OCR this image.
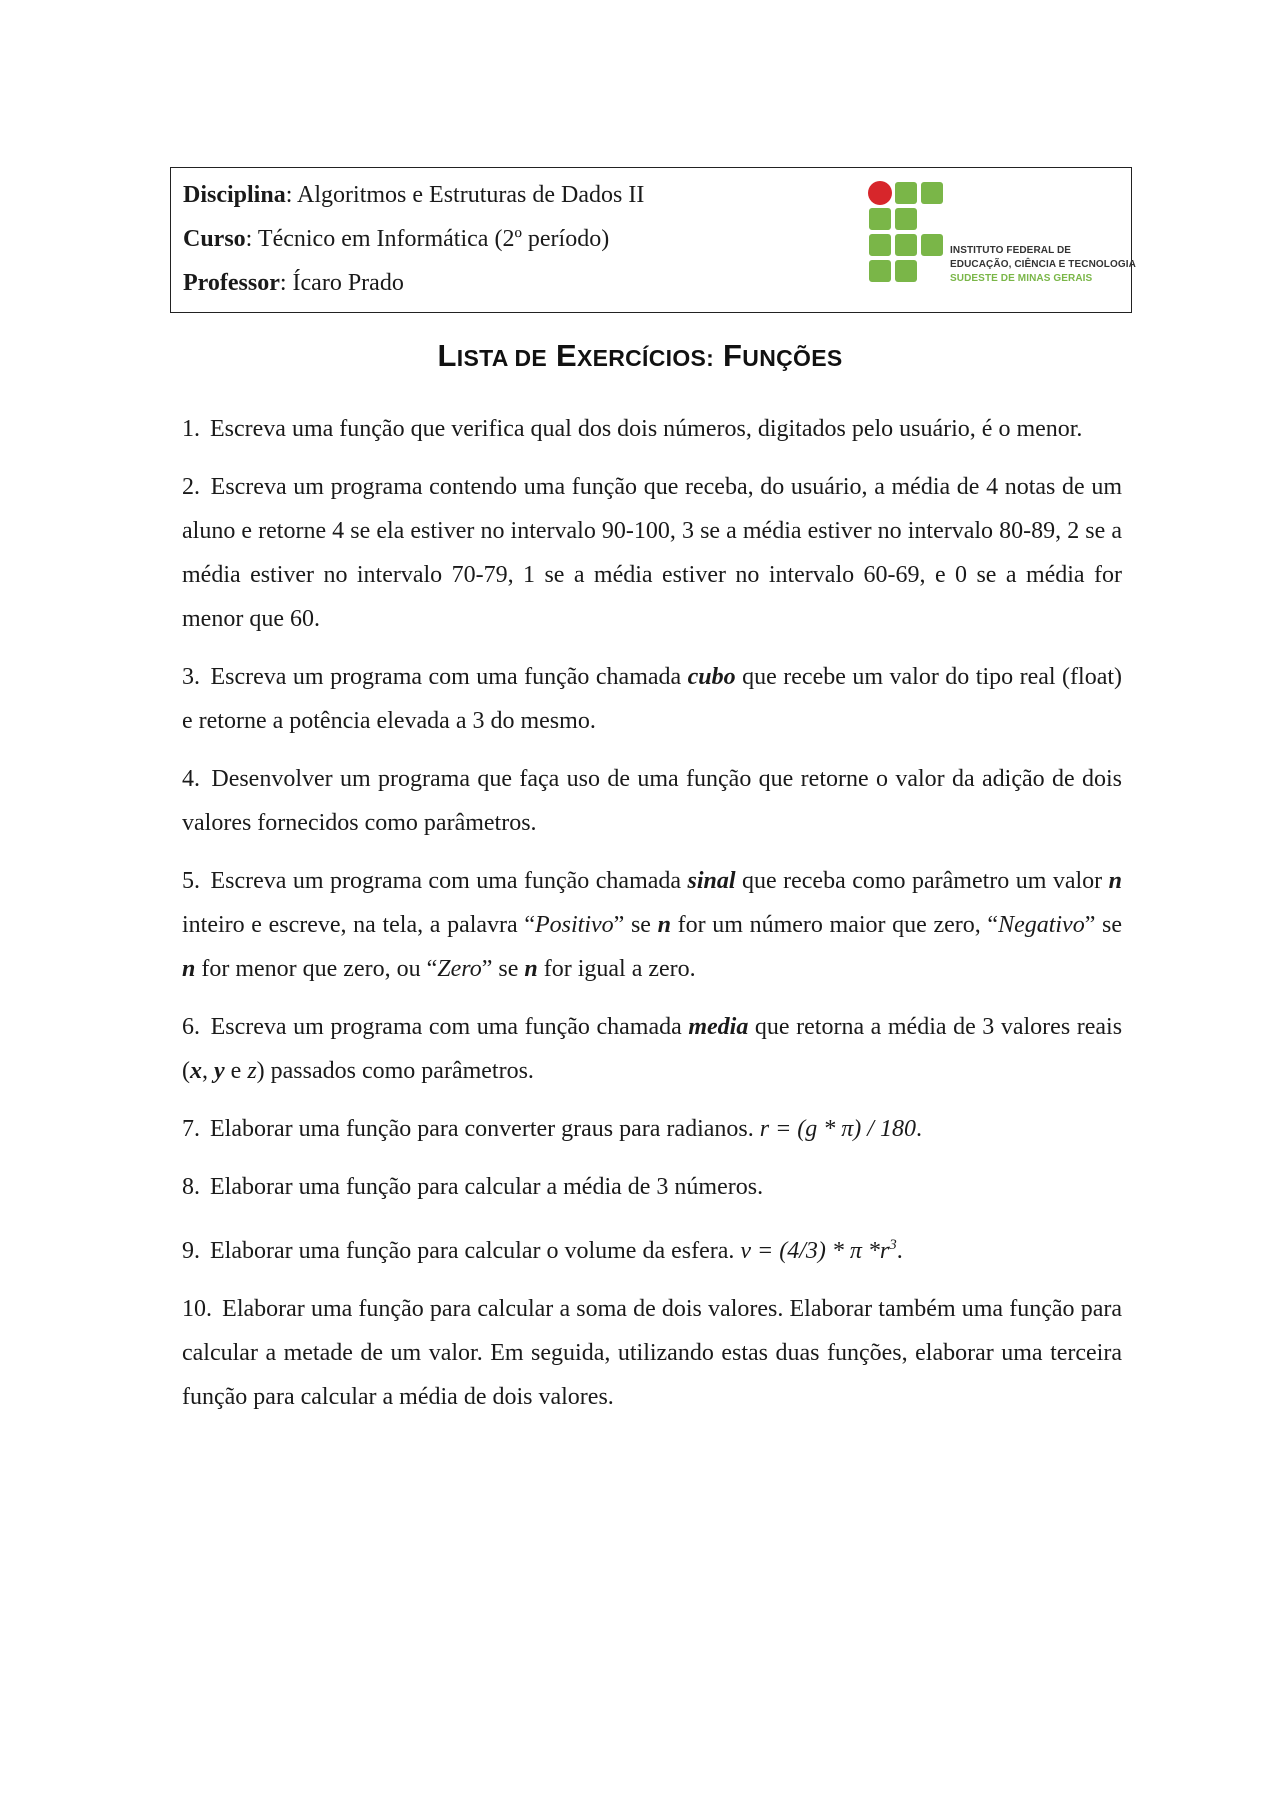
Disciplina: Algoritmos e Estruturas de Dados II
Curso: Técnico em Informática (2º período)
Professor: Ícaro Prado
INSTITUTO FEDERAL DE
EDUCAÇÃO, CIÊNCIA E TECNOLOGIA
SUDESTE DE MINAS GERAIS
LISTA DE EXERCÍCIOS: FUNÇÕES
1. Escreva uma função que verifica qual dos dois números, digitados pelo usuário, é o menor.
2. Escreva um programa contendo uma função que receba, do usuário, a média de 4 notas de um aluno e retorne 4 se ela estiver no intervalo 90-100, 3 se a média estiver no intervalo 80-89, 2 se a média estiver no intervalo 70-79, 1 se a média estiver no intervalo 60-69, e 0 se a média for menor que 60.
3. Escreva um programa com uma função chamada cubo que recebe um valor do tipo real (float) e retorne a potência elevada a 3 do mesmo.
4. Desenvolver um programa que faça uso de uma função que retorne o valor da adição de dois valores fornecidos como parâmetros.
5. Escreva um programa com uma função chamada sinal que receba como parâmetro um valor n inteiro e escreve, na tela, a palavra “Positivo” se n for um número maior que zero, “Negativo” se n for menor que zero, ou “Zero” se n for igual a zero.
6. Escreva um programa com uma função chamada media que retorna a média de 3 valores reais (x, y e z) passados como parâmetros.
7. Elaborar uma função para converter graus para radianos. r = (g * π) / 180.
8. Elaborar uma função para calcular a média de 3 números.
9. Elaborar uma função para calcular o volume da esfera. v = (4/3) * π $*r^3$.
10. Elaborar uma função para calcular a soma de dois valores. Elaborar também uma função para calcular a metade de um valor. Em seguida, utilizando estas duas funções, elaborar uma terceira função para calcular a média de dois valores.
